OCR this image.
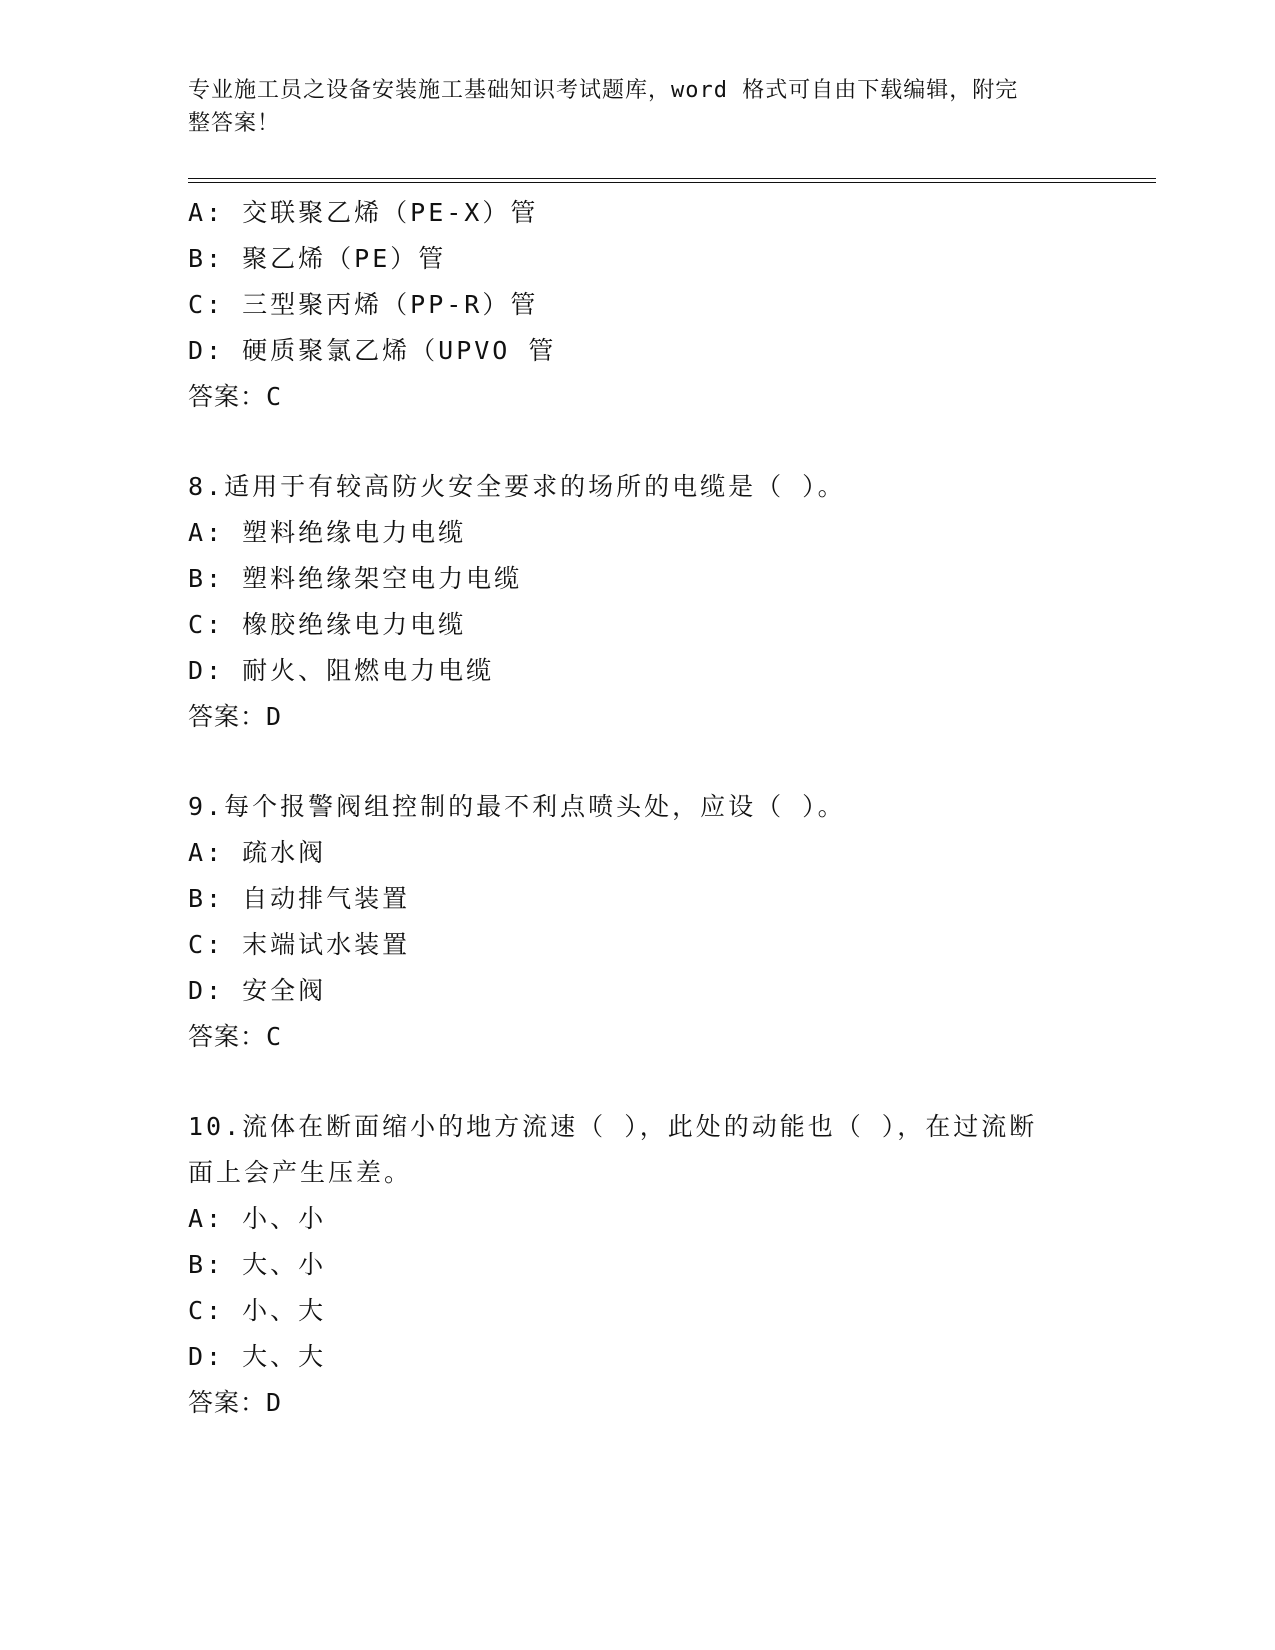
专业施工员之设备安装施工基础知识考试题库，word 格式可自由下载编辑，附完
整答案！
A: 交联聚乙烯（PE-X）管
B: 聚乙烯（PE）管
C: 三型聚丙烯（PP-R）管
D: 硬质聚氯乙烯（UPVO 管
答案：C
8.适用于有较高防火安全要求的场所的电缆是（ ）。
A: 塑料绝缘电力电缆
B: 塑料绝缘架空电力电缆
C: 橡胶绝缘电力电缆
D: 耐火、阻燃电力电缆
答案：D
9.每个报警阀组控制的最不利点喷头处，应设（ ）。
A: 疏水阀
B: 自动排气装置
C: 末端试水装置
D: 安全阀
答案：C
10.流体在断面缩小的地方流速（ ），此处的动能也（ ），在过流断
面上会产生压差。
A: 小、小
B: 大、小
C: 小、大
D: 大、大
答案：D
